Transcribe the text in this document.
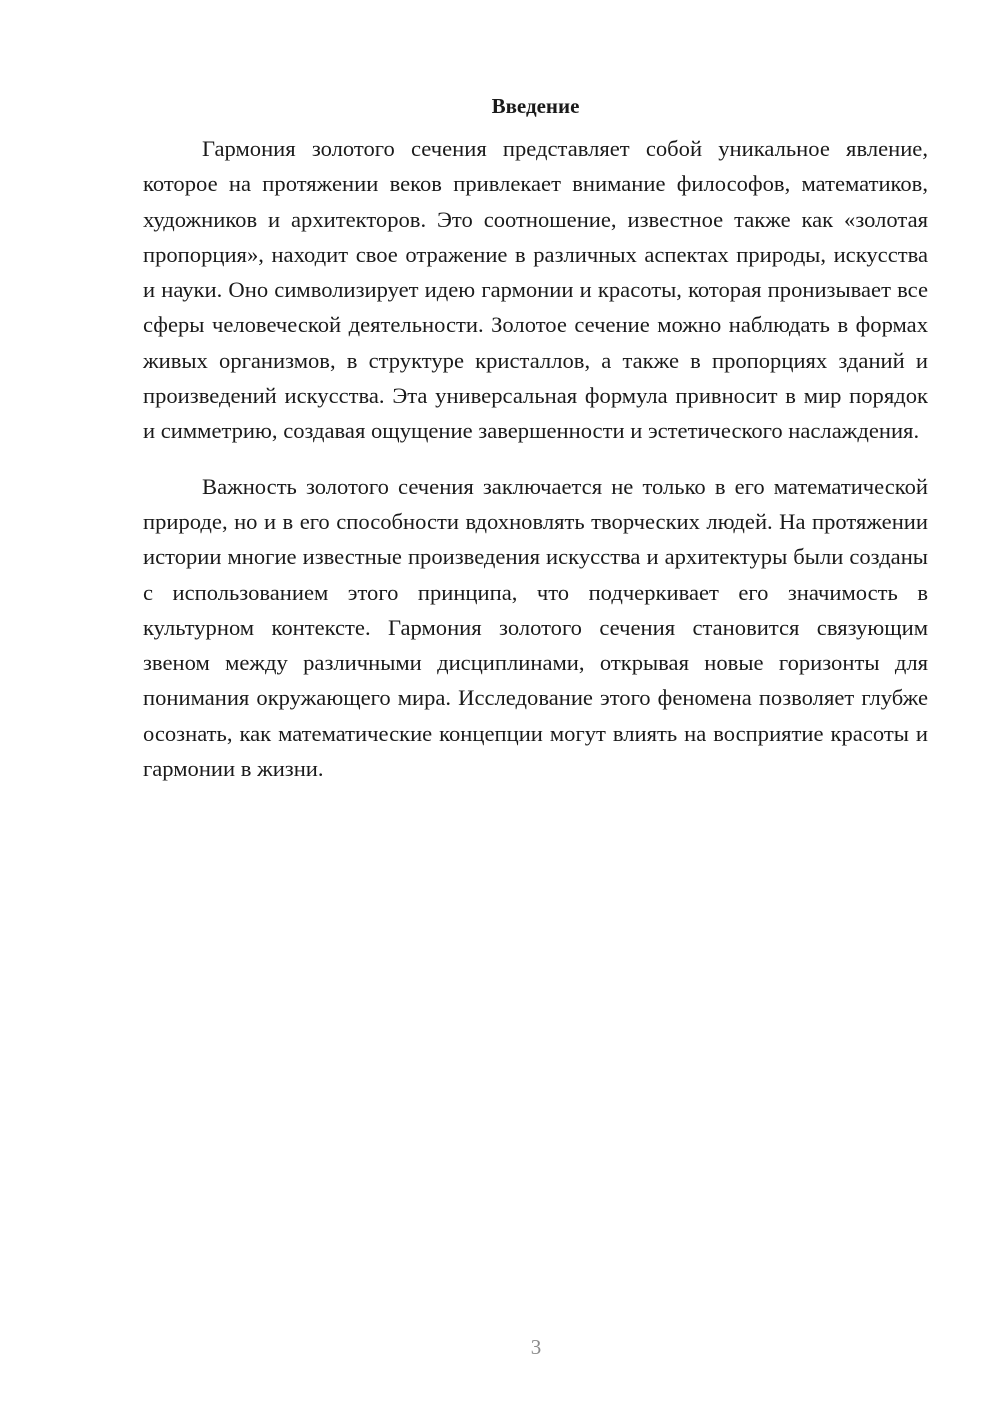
Введение

Гармония золотого сечения представляет собой уникальное явление, которое на протяжении веков привлекает внимание философов, математиков, художников и архитекторов. Это соотношение, известное также как «золотая пропорция», находит свое отражение в различных аспектах природы, искусства и науки. Оно символизирует идею гармонии и красоты, которая пронизывает все сферы человеческой деятельности. Золотое сечение можно наблюдать в формах живых организмов, в структуре кристаллов, а также в пропорциях зданий и произведений искусства. Эта универсальная формула привносит в мир порядок и симметрию, создавая ощущение завершенности и эстетического наслаждения.

Важность золотого сечения заключается не только в его математической природе, но и в его способности вдохновлять творческих людей. На протяжении истории многие известные произведения искусства и архитектуры были созданы с использованием этого принципа, что подчеркивает его значимость в культурном контексте. Гармония золотого сечения становится связующим звеном между различными дисциплинами, открывая новые горизонты для понимания окружающего мира. Исследование этого феномена позволяет глубже осознать, как математические концепции могут влиять на восприятие красоты и гармонии в жизни.

3
